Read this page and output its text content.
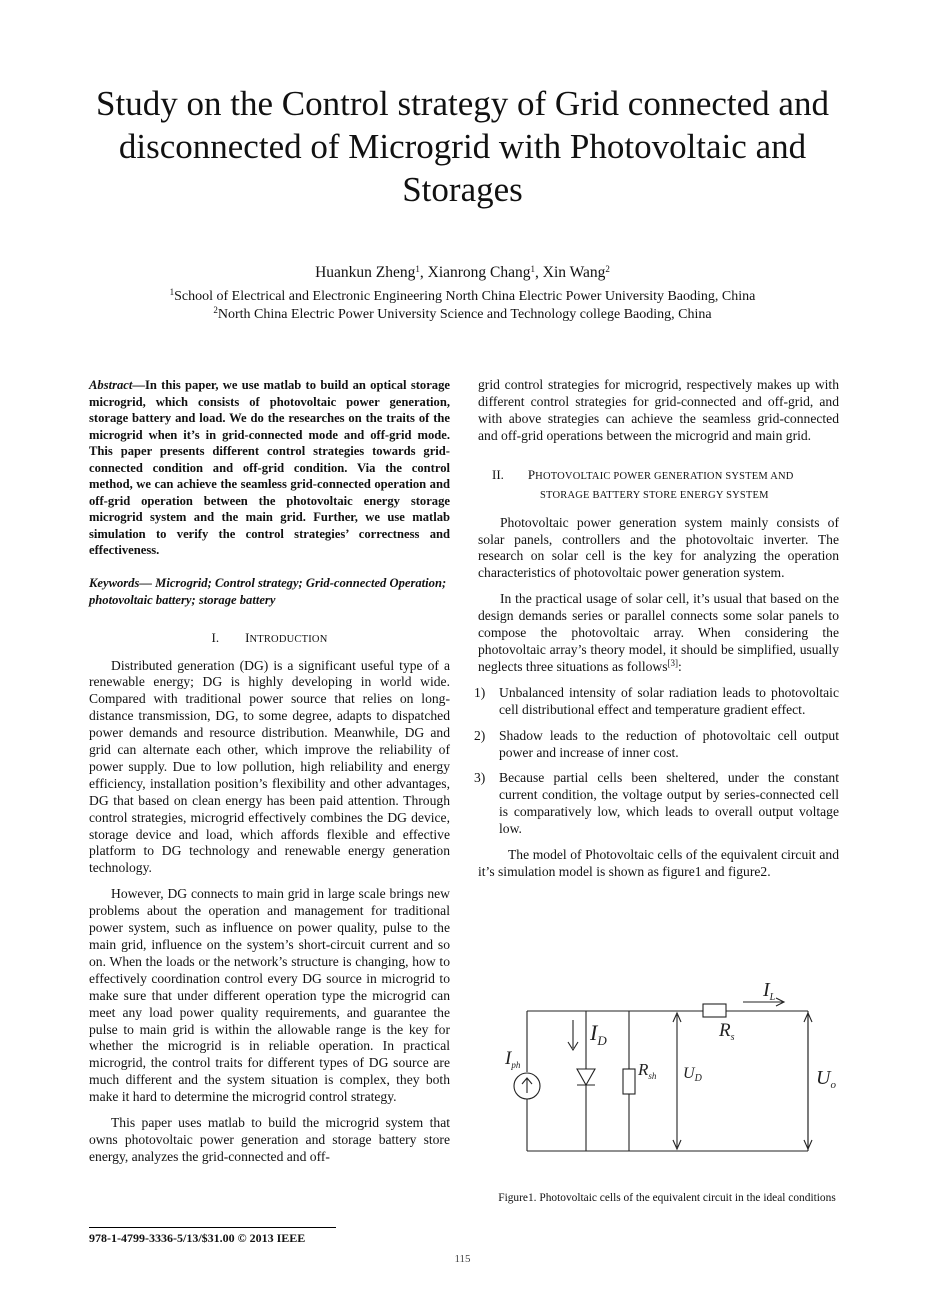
Study on the Control strategy of Grid connected and disconnected of Microgrid with Photovoltaic and Storages
Huankun Zheng$^1$, Xianrong Chang$^1$, Xin Wang$^2$
$^1$School of Electrical and Electronic Engineering North China Electric Power University Baoding, China
$^2$North China Electric Power University Science and Technology college Baoding, China

Abstract—In this paper, we use matlab to build an optical storage microgrid, which consists of photovoltaic power generation, storage battery and load. We do the researches on the traits of the microgrid when it’s in grid-connected mode and off-grid mode. This paper presents different control strategies towards grid-connected condition and off-grid condition. Via the control method, we can achieve the seamless grid-connected operation and off-grid operation between the photovoltaic energy storage microgrid system and the main grid. Further, we use matlab simulation to verify the control strategies’ correctness and effectiveness.

Keywords— Microgrid; Control strategy; Grid-connected Operation; photovoltaic battery; storage battery

I. INTRODUCTION

Distributed generation (DG) is a significant useful type of a renewable energy; DG is highly developing in world wide. Compared with traditional power source that relies on long-distance transmission, DG, to some degree, adapts to dispatched power demands and resource distribution. Meanwhile, DG and grid can alternate each other, which improve the reliability of power supply. Due to low pollution, high reliability and energy efficiency, installation position’s flexibility and other advantages, DG that based on clean energy has been paid attention. Through control strategies, microgrid effectively combines the DG device, storage device and load, which affords flexible and effective platform to DG technology and renewable energy generation technology.

However, DG connects to main grid in large scale brings new problems about the operation and management for traditional power system, such as influence on power quality, pulse to the main grid, influence on the system’s short-circuit current and so on. When the loads or the network’s structure is changing, how to effectively coordination control every DG source in microgrid to make sure that under different operation type the microgrid can meet any load power quality requirements, and guarantee the pulse to main grid is within the allowable range is the key for whether the microgrid is in reliable operation. In practical microgrid, the control traits for different types of DG source are much different and the system situation is complex, they both make it hard to determine the microgrid control strategy.

This paper uses matlab to build the microgrid system that owns photovoltaic power generation and storage battery store energy, analyzes the grid-connected and off-

grid control strategies for microgrid, respectively makes up with different control strategies for grid-connected and off-grid, and with above strategies can achieve the seamless grid-connected and off-grid operations between the microgrid and main grid.

II. PHOTOVOLTAIC POWER GENERATION SYSTEM AND
STORAGE BATTERY STORE ENERGY SYSTEM

Photovoltaic power generation system mainly consists of solar panels, controllers and the photovoltaic inverter. The research on solar cell is the key for analyzing the operation characteristics of photovoltaic power generation system.

In the practical usage of solar cell, it’s usual that based on the design demands series or parallel connects some solar panels to compose the photovoltaic array. When considering the photovoltaic array’s theory model, it should be simplified, usually neglects three situations as follows[3]:

1) Unbalanced intensity of solar radiation leads to photovoltaic cell distributional effect and temperature gradient effect.
2) Shadow leads to the reduction of photovoltaic cell output power and increase of inner cost.
3) Because partial cells been sheltered, under the constant current condition, the voltage output by series-connected cell is comparatively low, which leads to overall output voltage low.

The model of Photovoltaic cells of the equivalent circuit and it’s simulation model is shown as figure1 and figure2.

$I_L$
$R_s$
$I_D$
$I_{ph}$	$R_{sh}$ UD	$U_o$
Figure1. Photovoltaic cells of the equivalent circuit in the ideal conditions
978-1-4799-3336-5/13/$31.00 © 2013 IEEE
115
